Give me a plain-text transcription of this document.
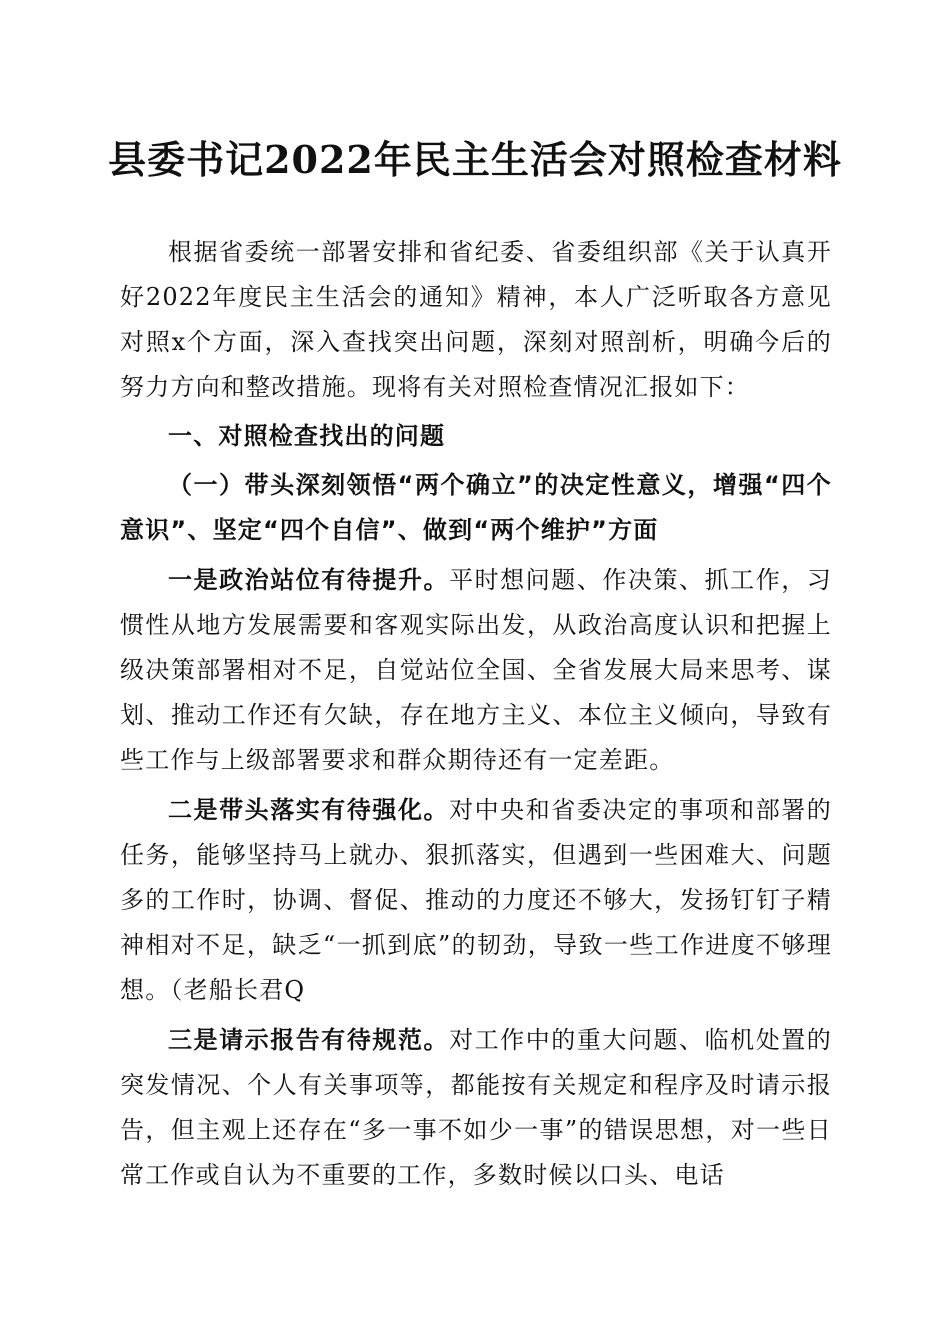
县委书记2022年民主生活会对照检查材料

根据省委统一部署安排和省纪委、省委组织部《关于认真开好2022年度民主生活会的通知》精神，本人广泛听取各方意见对照x个方面，深入查找突出问题，深刻对照剖析，明确今后的努力方向和整改措施。现将有关对照检查情况汇报如下：

一、对照检查找出的问题

（一）带头深刻领悟“两个确立”的决定性意义，增强“四个意识”、坚定“四个自信”、做到“两个维护”方面

一是政治站位有待提升。平时想问题、作决策、抓工作，习惯性从地方发展需要和客观实际出发，从政治高度认识和把握上级决策部署相对不足，自觉站位全国、全省发展大局来思考、谋划、推动工作还有欠缺，存在地方主义、本位主义倾向，导致有些工作与上级部署要求和群众期待还有一定差距。

二是带头落实有待强化。对中央和省委决定的事项和部署的任务，能够坚持马上就办、狠抓落实，但遇到一些困难大、问题多的工作时，协调、督促、推动的力度还不够大，发扬钉钉子精神相对不足，缺乏“一抓到底”的韧劲，导致一些工作进度不够理想。（老船长君Q

三是请示报告有待规范。对工作中的重大问题、临机处置的突发情况、个人有关事项等，都能按有关规定和程序及时请示报告，但主观上还存在“多一事不如少一事”的错误思想，对一些日常工作或自认为不重要的工作，多数时候以口头、电话
